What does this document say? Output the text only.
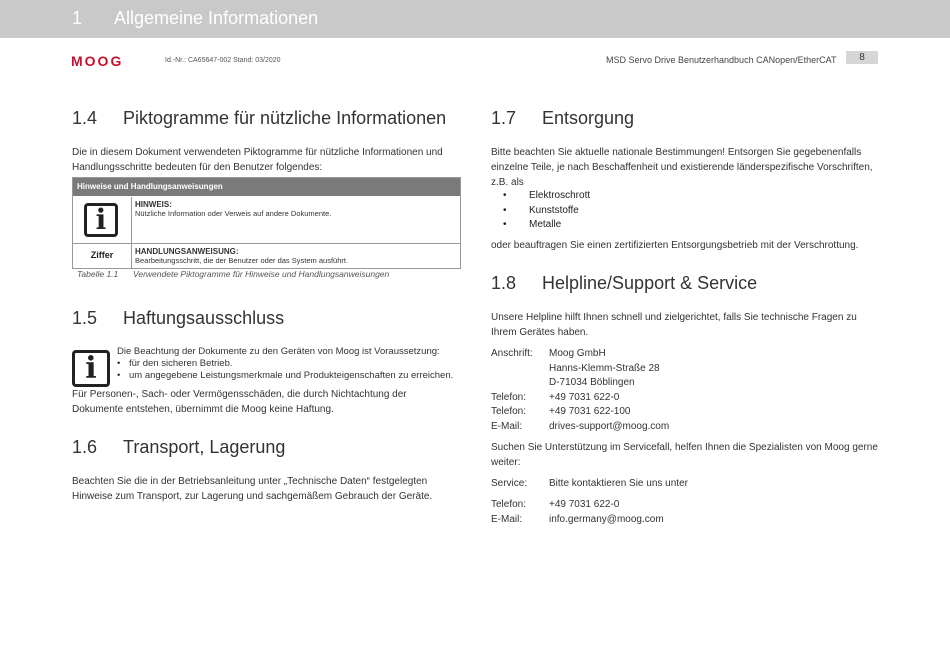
1 Allgemeine Informationen
MOOG	Id.-Nr.: CA65647-002 Stand: 03/2020	MSD Servo Drive Benutzerhandbuch CANopen/EtherCAT	8
1.4 Piktogramme für nützliche Informationen
Die in diesem Dokument verwendeten Piktogramme für nützliche Informationen und Handlungsschritte bedeuten für den Benutzer folgendes:
Hinweise und Handlungsanweisungen
i	HINWEIS:
Nützliche Information oder Verweis auf andere Dokumente.
Ziffer	HANDLUNGSANWEISUNG:
Bearbeitungsschritt, die der Benutzer oder das System ausführt.
Tabelle 1.1 Verwendete Piktogramme für Hinweise und Handlungsanweisungen
1.5 Haftungsausschluss
i	Die Beachtung der Dokumente zu den Geräten von Moog ist Voraussetzung:
• für den sicheren Betrieb.
• um angegebene Leistungsmerkmale und Produkteigenschaften zu erreichen.
Für Personen-, Sach- oder Vermögensschäden, die durch Nichtachtung der Dokumente entstehen, übernimmt die Moog keine Haftung.
1.6 Transport, Lagerung
Beachten Sie die in der Betriebsanleitung unter „Technische Daten“ festgelegten Hinweise zum Transport, zur Lagerung und sachgemäßem Gebrauch der Geräte.
1.7 Entsorgung
Bitte beachten Sie aktuelle nationale Bestimmungen! Entsorgen Sie gegebenenfalls einzelne Teile, je nach Beschaffenheit und existierende länderspezifische Vorschriften, z.B. als
• Elektroschrott
• Kunststoffe
• Metalle
oder beauftragen Sie einen zertifizierten Entsorgungsbetrieb mit der Verschrottung.
1.8 Helpline/Support & Service
Unsere Helpline hilft Ihnen schnell und zielgerichtet, falls Sie technische Fragen zu Ihrem Gerätes haben.
Anschrift: Moog GmbH
Hanns-Klemm-Straße 28
D-71034 Böblingen
Telefon: +49 7031 622-0
Telefon: +49 7031 622-100
E-Mail:	drives-support@moog.com
Suchen Sie Unterstützung im Servicefall, helfen Ihnen die Spezialisten von Moog gerne weiter:
Service: Bitte kontaktieren Sie uns unter
Telefon: +49 7031 622-0
E-Mail:	info.germany@moog.com
